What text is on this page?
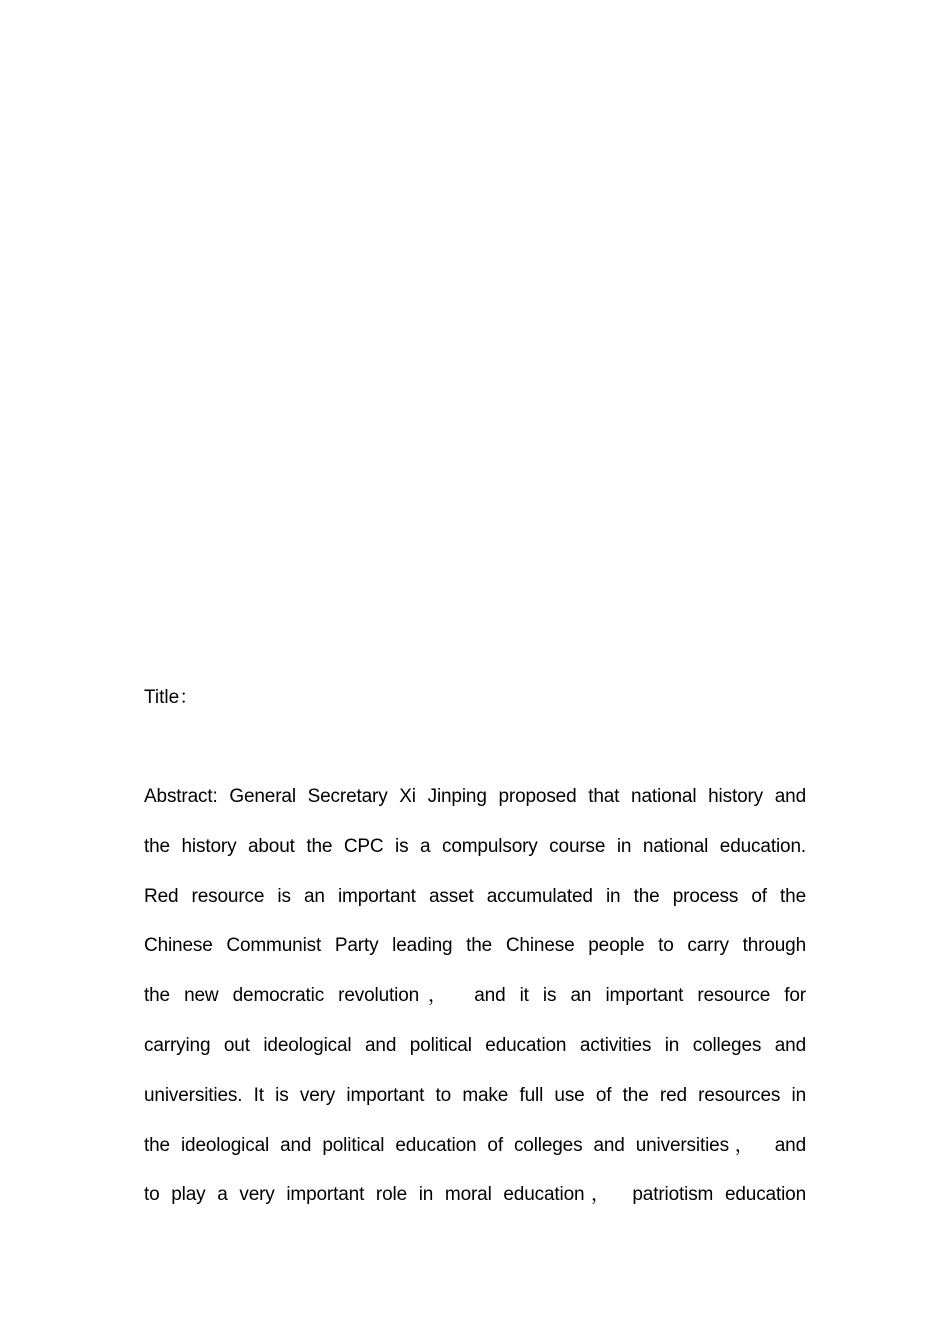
Title：
Abstract: General Secretary Xi Jinping proposed that national history and
the history about the CPC is a compulsory course in national education.
Red resource is an important asset accumulated in the process of the
Chinese Communist Party leading the Chinese people to carry through
the new democratic revolution，　and it is an important resource for
carrying out ideological and political education activities in colleges and
universities. It is very important to make full use of the red resources in
the ideological and political education of colleges and universities，　and
to play a very important role in moral education，　patriotism education
